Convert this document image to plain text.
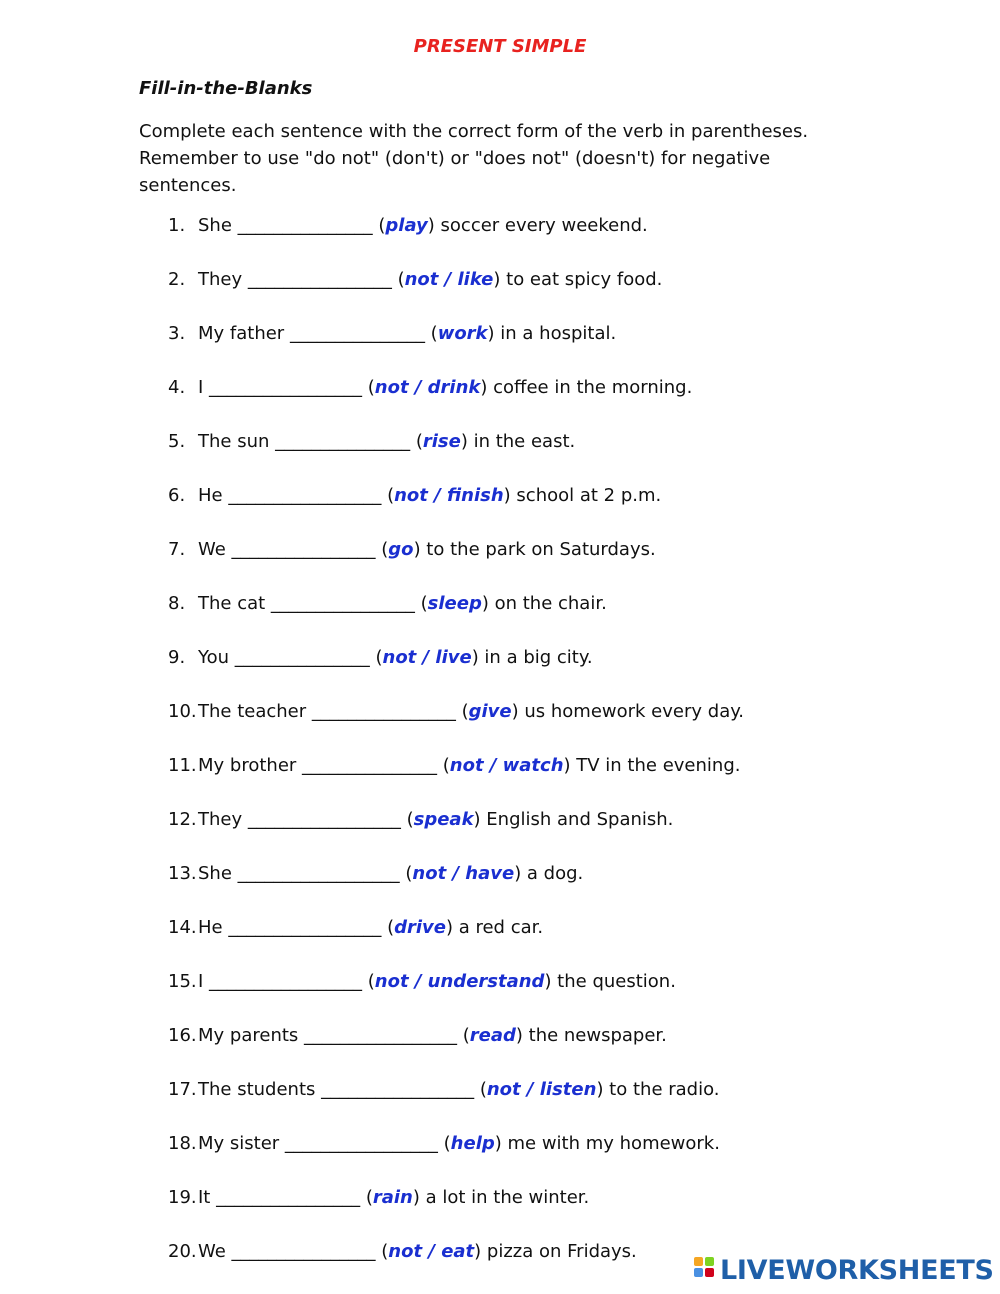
PRESENT SIMPLE
Fill-in-the-Blanks
Complete each sentence with the correct form of the verb in parentheses. Remember to use "do not" (don't) or "does not" (doesn't) for negative sentences.
1. She _______________ (play) soccer every weekend.
2. They ________________ (not / like) to eat spicy food.
3. My father _______________ (work) in a hospital.
4. I _________________ (not / drink) coffee in the morning.
5. The sun _______________ (rise) in the east.
6. He _________________ (not / finish) school at 2 p.m.
7. We ________________ (go) to the park on Saturdays.
8. The cat ________________ (sleep) on the chair.
9. You _______________ (not / live) in a big city.
10.The teacher ________________ (give) us homework every day.
11.My brother _______________ (not / watch) TV in the evening.
12.They _________________ (speak) English and Spanish.
13.She __________________ (not / have) a dog.
14.He _________________ (drive) a red car.
15.I _________________ (not / understand) the question.
16.My parents _________________ (read) the newspaper.
17.The students _________________ (not / listen) to the radio.
18.My sister _________________ (help) me with my homework.
19.It ________________ (rain) a lot in the winter.
20.We ________________ (not / eat) pizza on Fridays.
LIVEWORKSHEETS
